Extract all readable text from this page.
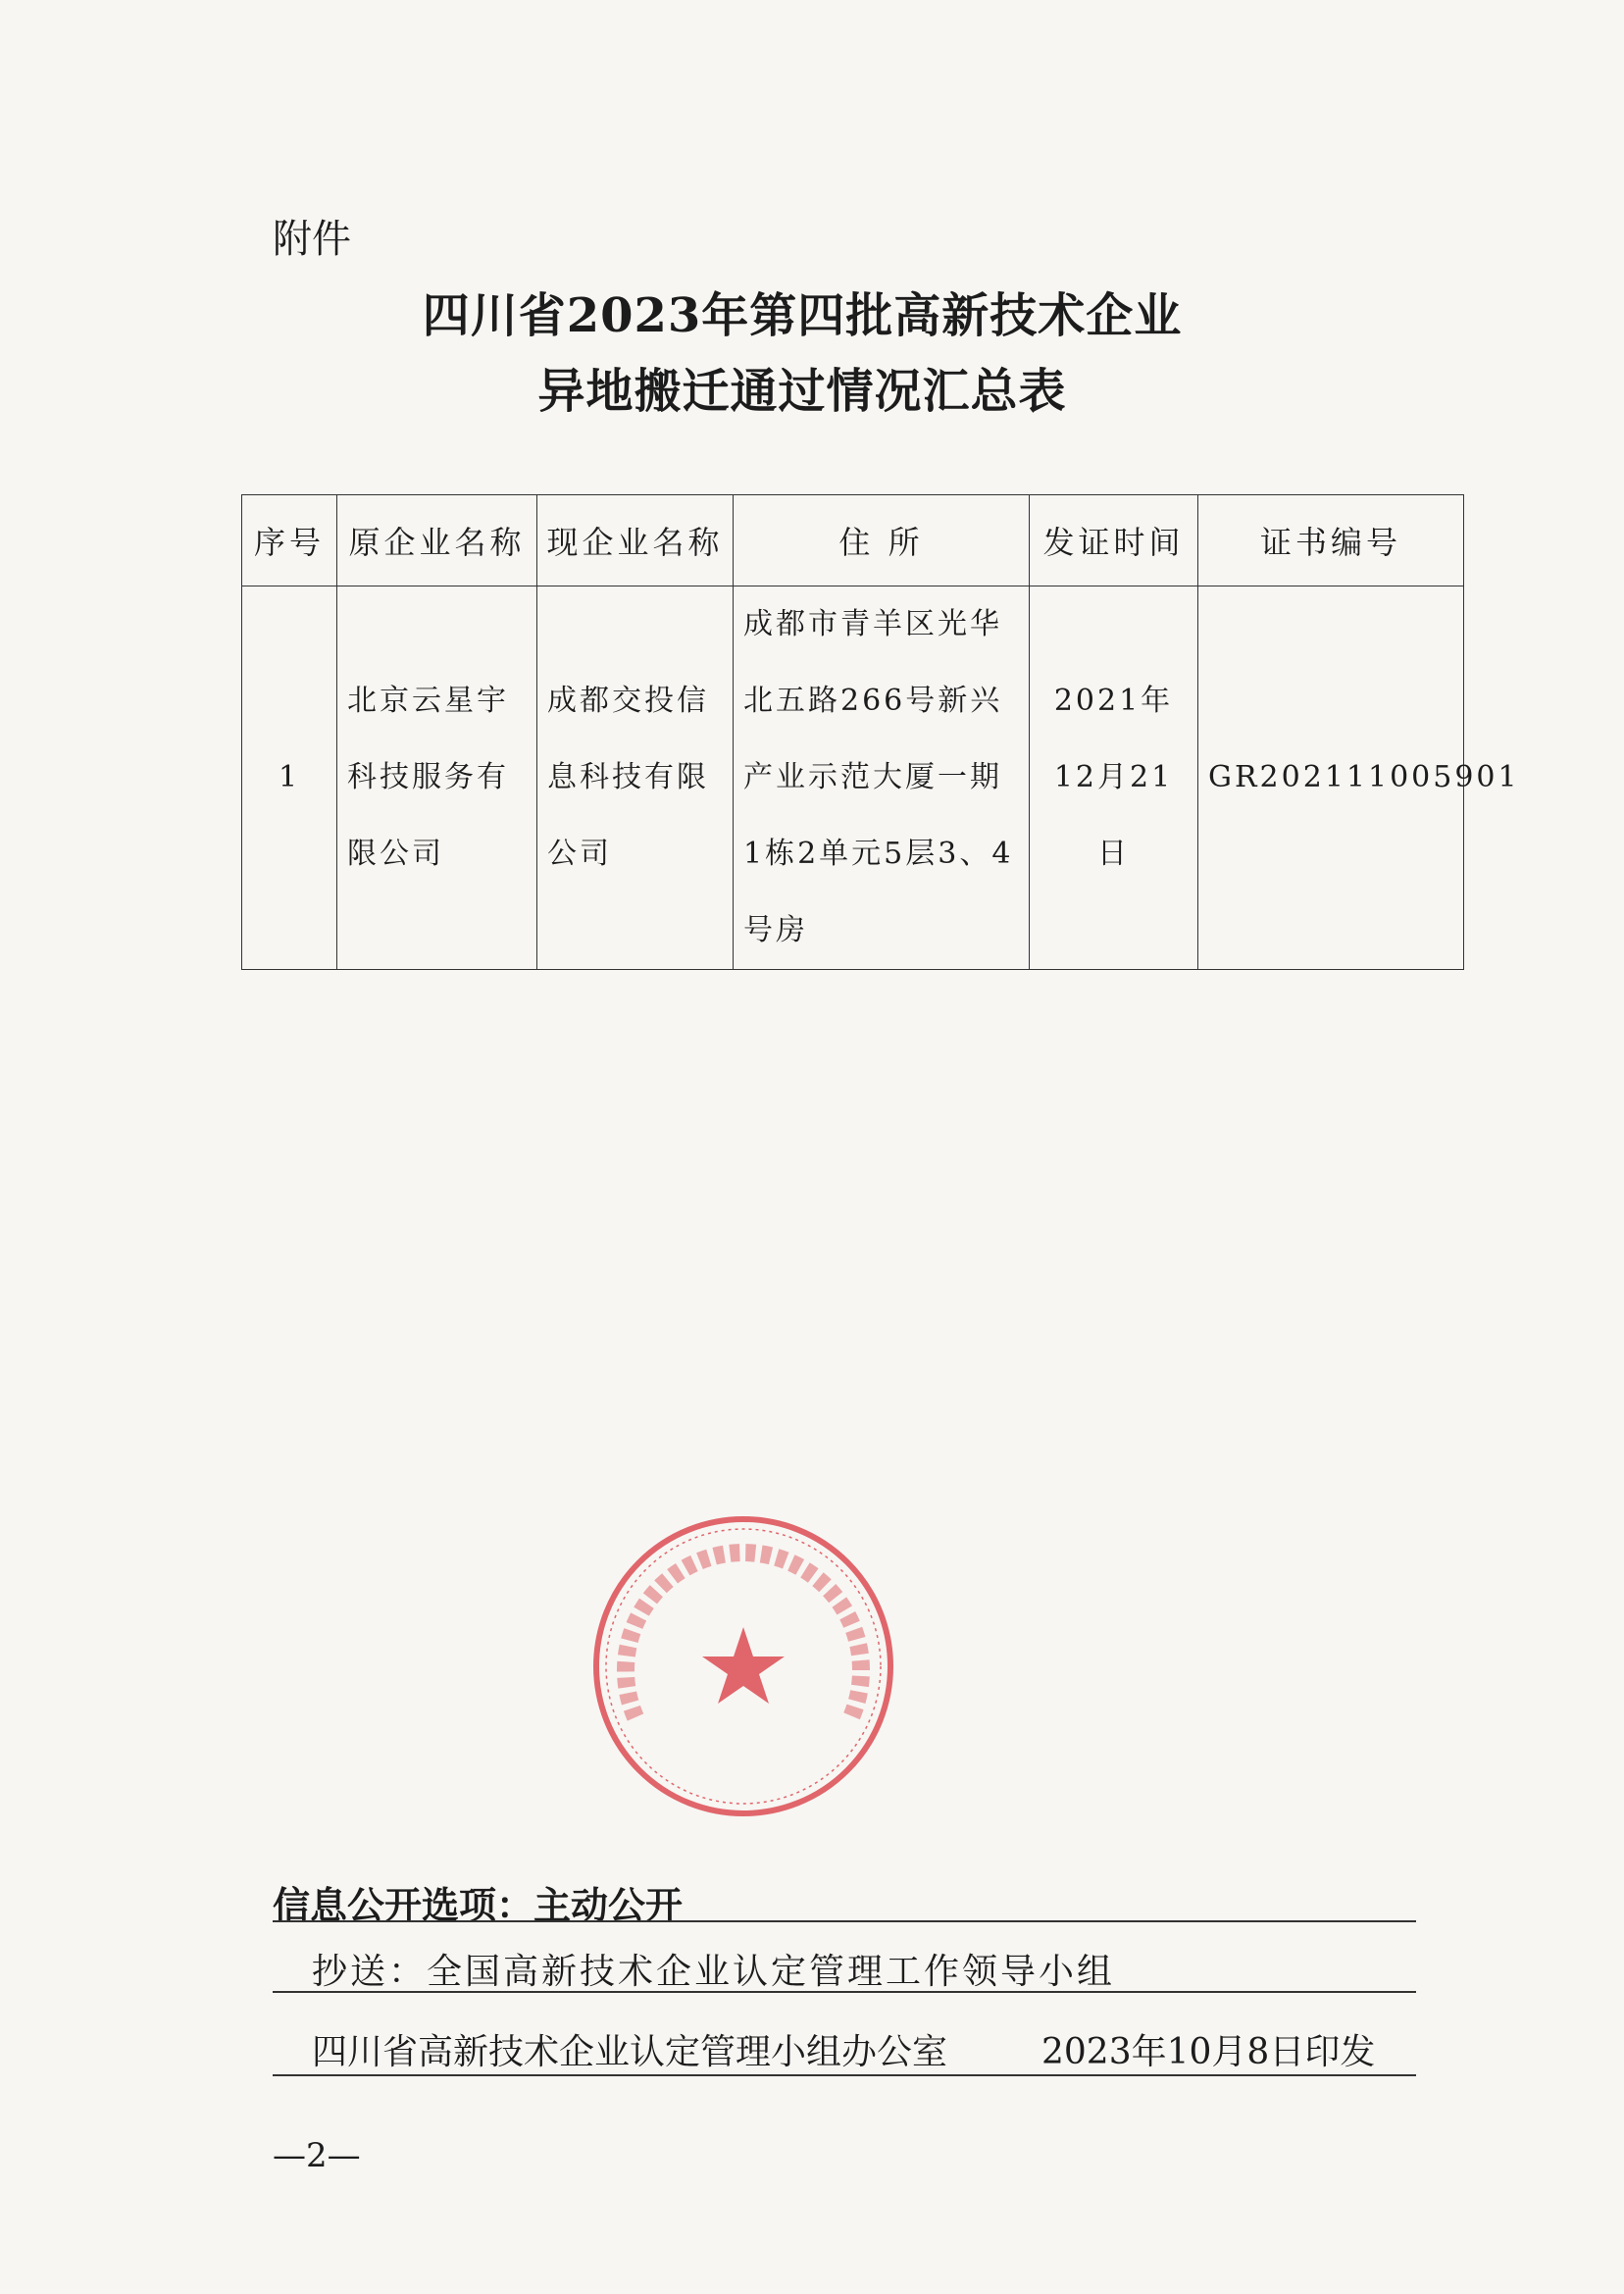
附件
四川省2023年第四批高新技术企业
异地搬迁通过情况汇总表
序号	原企业名称	现企业名称	住 所	发证时间	证书编号
1	北京云星宇科技服务有限公司	成都交投信息科技有限公司	成都市青羊区光华北五路266号新兴产业示范大厦一期1栋2单元5层3、4号房	2021年12月21日	GR202111005901
信息公开选项：主动公开
抄送：全国高新技术企业认定管理工作领导小组
四川省高新技术企业认定管理小组办公室	2023年10月8日印发
—2—
